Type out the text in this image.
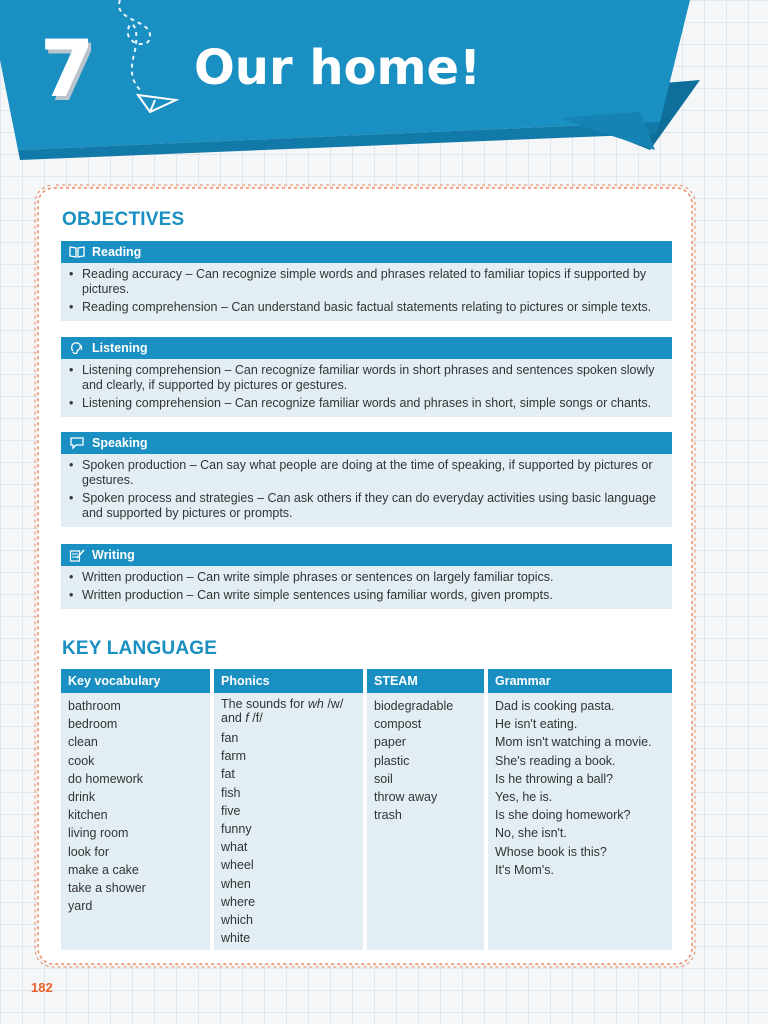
7 Our home!
OBJECTIVES
Reading
• Reading accuracy – Can recognize simple words and phrases related to familiar topics if supported by pictures.
• Reading comprehension – Can understand basic factual statements relating to pictures or simple texts.
Listening
• Listening comprehension – Can recognize familiar words in short phrases and sentences spoken slowly and clearly, if supported by pictures or gestures.
• Listening comprehension – Can recognize familiar words and phrases in short, simple songs or chants.
Speaking
• Spoken production – Can say what people are doing at the time of speaking, if supported by pictures or gestures.
• Spoken process and strategies – Can ask others if they can do everyday activities using basic language and supported by pictures or prompts.
Writing
• Written production – Can write simple phrases or sentences on largely familiar topics.
• Written production – Can write simple sentences using familiar words, given prompts.
KEY LANGUAGE
Key vocabulary
bathroom
bedroom
clean
cook
do homework
drink
kitchen
living room
look for
make a cake
take a shower
yard
Phonics
The sounds for wh /w/ and f /f/
fan
farm
fat
fish
five
funny
what
wheel
when
where
which
white
STEAM
biodegradable
compost
paper
plastic
soil
throw away
trash
Grammar
Dad is cooking pasta.
He isn't eating.
Mom isn't watching a movie.
She's reading a book.
Is he throwing a ball?
Yes, he is.
Is she doing homework?
No, she isn't.
Whose book is this?
It's Mom's.
182
